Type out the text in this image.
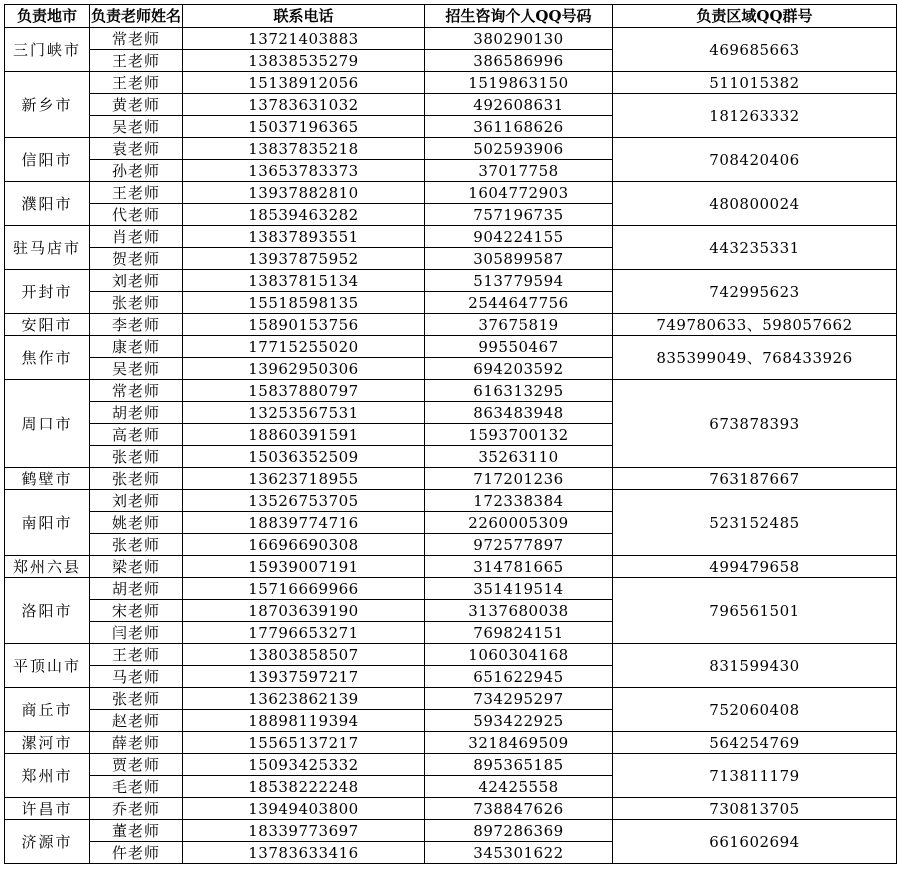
负责地市	负责老师姓名	联系电话	招生咨询个人QQ号码	负责区域QQ群号
三门峡市	常老师	13721403883	380290130	469685663
	王老师	13838535279	386586996	
新乡市	王老师	15138912056	1519863150	511015382
	黄老师	13783631032	492608631	181263332
	吴老师	15037196365	361168626	
信阳市	袁老师	13837835218	502593906	708420406
	孙老师	13653783373	37017758	
濮阳市	王老师	13937882810	1604772903	480800024
	代老师	18539463282	757196735	
驻马店市	肖老师	13837893551	904224155	443235331
	贺老师	13937875952	305899587	
开封市	刘老师	13837815134	513779594	742995623
	张老师	15518598135	2544647756	
安阳市	李老师	15890153756	37675819	749780633、598057662
焦作市	康老师	17715255020	99550467	835399049、768433926
	吴老师	13962950306	694203592	
周口市	常老师	15837880797	616313295	673878393
	胡老师	13253567531	863483948	
	高老师	18860391591	1593700132	
	张老师	15036352509	35263110	
鹤壁市	张老师	13623718955	717201236	763187667
南阳市	刘老师	13526753705	172338384	523152485
	姚老师	18839774716	2260005309	
	张老师	16696690308	972577897	
郑州六县	梁老师	15939007191	314781665	499479658
洛阳市	胡老师	15716669966	351419514	796561501
	宋老师	18703639190	3137680038	
	闫老师	17796653271	769824151	
平顶山市	王老师	13803858507	1060304168	831599430
	马老师	13937597217	651622945	
商丘市	张老师	13623862139	734295297	752060408
	赵老师	18898119394	593422925	
漯河市	薛老师	15565137217	3218469509	564254769
郑州市	贾老师	15093425332	895365185	713811179
	毛老师	18538222248	42425558	
许昌市	乔老师	13949403800	738847626	730813705
济源市	董老师	18339773697	897286369	661602694
	仵老师	13783633416	345301622	
